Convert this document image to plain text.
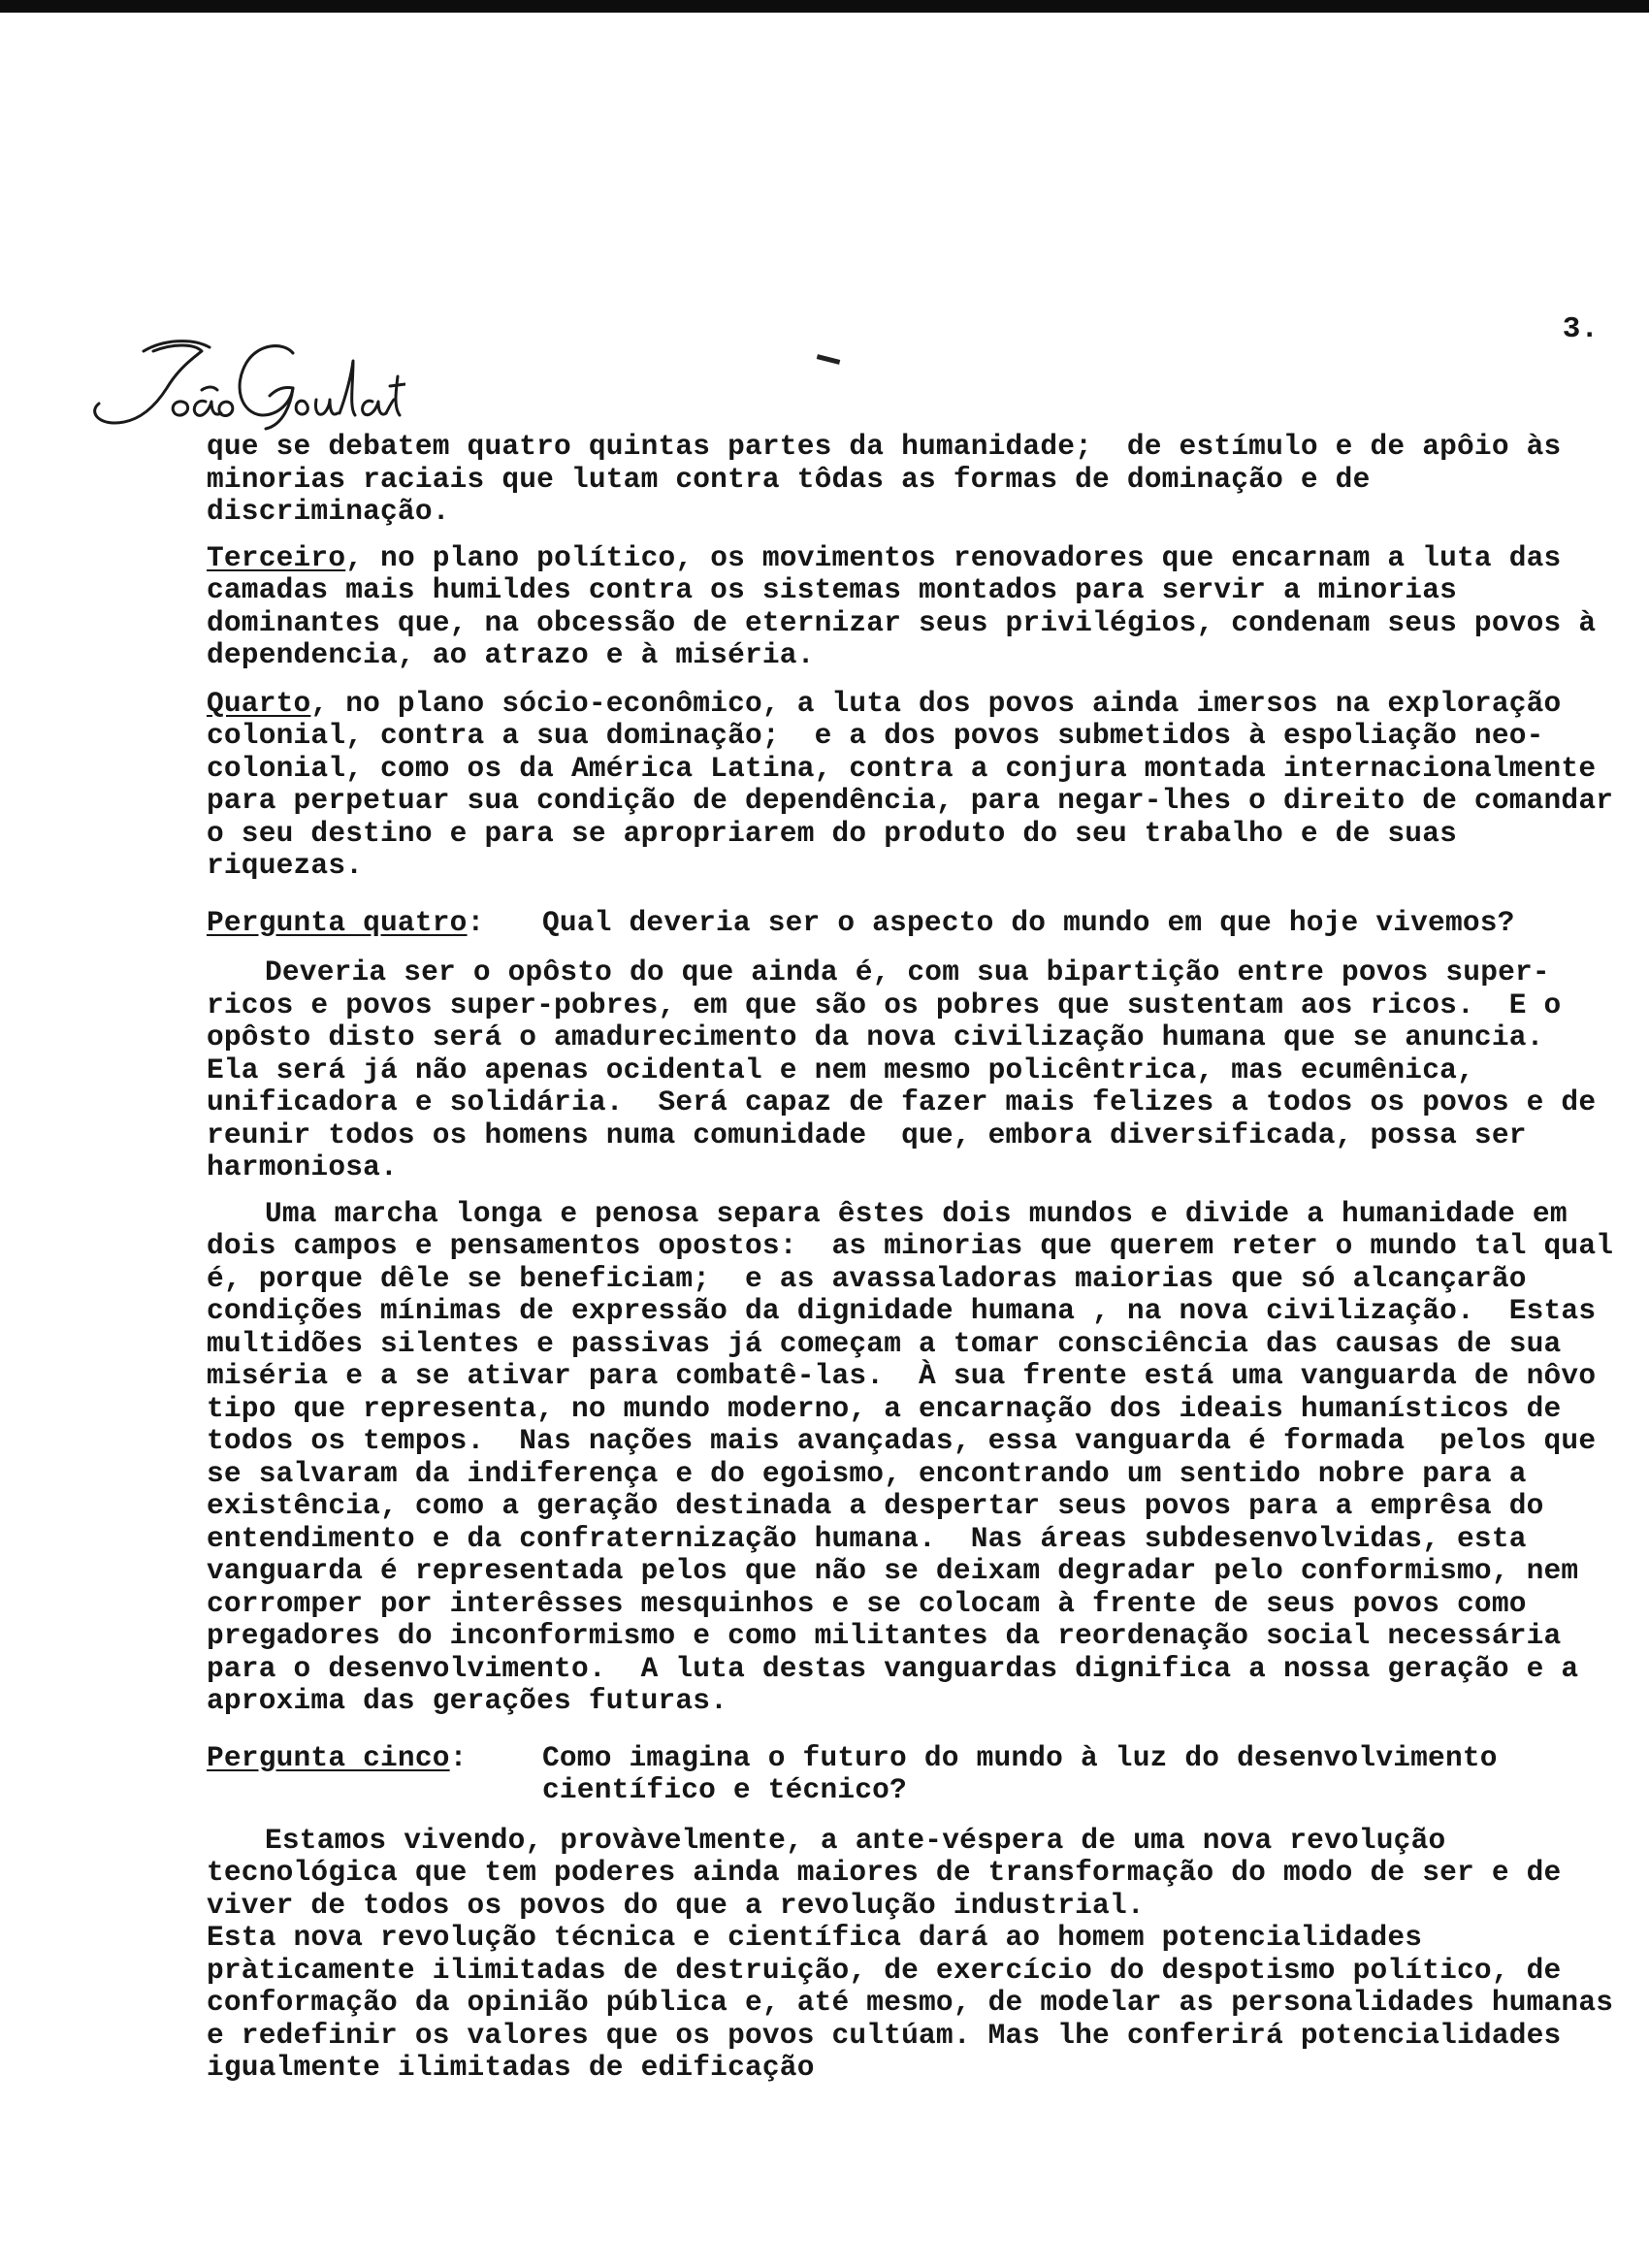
3.

que se debatem quatro quintas partes da humanidade;  de estímulo e de apôio às minorias raciais que lutam contra tôdas as formas de dominação e de discriminação.

Terceiro, no plano político, os movimentos renovadores que encarnam a luta das camadas mais humildes contra os sistemas montados para servir a minorias dominantes que, na obcessão de eternizar seus privilégios, condenam seus povos à dependencia, ao atrazo e à miséria.

Quarto, no plano sócio-econômico, a luta dos povos ainda imersos na exploração colonial, contra a sua dominação;  e a dos povos submetidos à espoliação neo-colonial, como os da América Latina, contra a conjura montada internacionalmente para perpetuar sua condição de dependência, para negar-lhes o direito de comandar o seu destino e para se apropriarem do produto do seu trabalho e de suas riquezas.

Pergunta quatro:	Qual deveria ser o aspecto do mundo em que hoje vivemos?

Deveria ser o opôsto do que ainda é, com sua bipartição entre povos super-ricos e povos super-pobres, em que são os pobres que sustentam aos ricos.  E o opôsto disto será o amadurecimento da nova civilização humana que se anuncia.  Ela será já não apenas ocidental e nem mesmo policêntrica, mas ecumênica, unificadora e solidária.  Será capaz de fazer mais felizes a todos os povos e de reunir todos os homens numa comunidade  que, embora diversificada, possa ser harmoniosa.

Uma marcha longa e penosa separa êstes dois mundos e divide a humanidade em dois campos e pensamentos opostos:  as minorias que querem reter o mundo tal qual é, porque dêle se beneficiam;  e as avassaladoras maiorias que só alcançarão condições mínimas de expressão da dignidade humana , na nova civilização.  Estas multidões silentes e passivas já começam a tomar consciência das causas de sua miséria e a se ativar para combatê-las.  À sua frente está uma vanguarda de nôvo tipo que representa, no mundo moderno, a encarnação dos ideais humanísticos de todos os tempos.  Nas nações mais avançadas, essa vanguarda é formada  pelos que se salvaram da indiferença e do egoismo, encontrando um sentido nobre para a existência, como a geração destinada a despertar seus povos para a emprêsa do entendimento e da confraternização humana.  Nas áreas subdesenvolvidas, esta vanguarda é representada pelos que não se deixam degradar pelo conformismo, nem corromper por interêsses mesquinhos e se colocam à frente de seus povos como pregadores do inconformismo e como militantes da reordenação social necessária para o desenvolvimento.  A luta destas vanguardas dignifica a nossa geração e a aproxima das gerações futuras.

Pergunta cinco:	Como imagina o futuro do mundo à luz do desenvolvimento científico e técnico?

Estamos vivendo, provàvelmente, a ante-véspera de uma nova revolução tecnológica que tem poderes ainda maiores de transformação do modo de ser e de viver de todos os povos do que a revolução industrial.

Esta nova revolução técnica e científica dará ao homem potencialidades pràticamente ilimitadas de destruição, de exercício do despotismo político, de conformação da opinião pública e, até mesmo, de modelar as personalidades humanas e redefinir os valores que os povos cultúam. Mas lhe conferirá potencialidades igualmente ilimitadas de edificação
